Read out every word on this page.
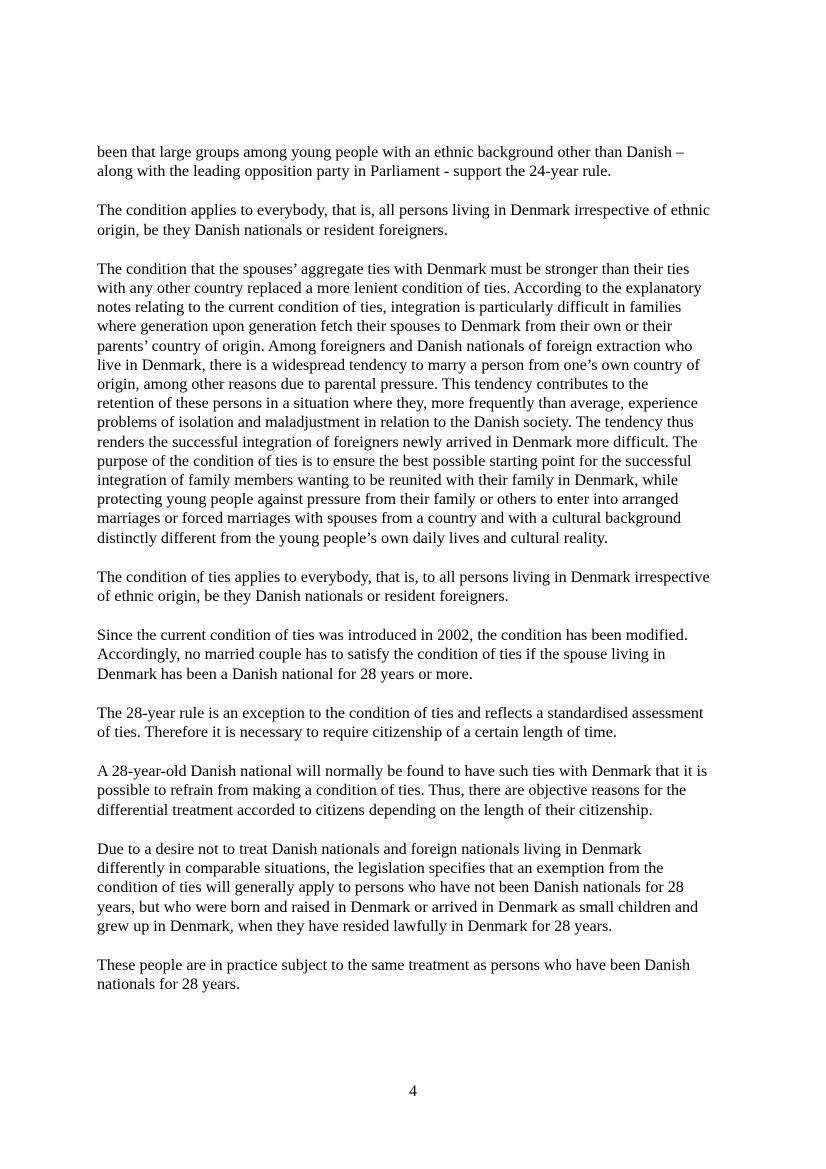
been that large groups among young people with an ethnic background other than Danish –
along with the leading opposition party in Parliament - support the 24-year rule.

The condition applies to everybody, that is, all persons living in Denmark irrespective of ethnic
origin, be they Danish nationals or resident foreigners.

The condition that the spouses’ aggregate ties with Denmark must be stronger than their ties
with any other country replaced a more lenient condition of ties. According to the explanatory
notes relating to the current condition of ties, integration is particularly difficult in families
where generation upon generation fetch their spouses to Denmark from their own or their
parents’ country of origin. Among foreigners and Danish nationals of foreign extraction who
live in Denmark, there is a widespread tendency to marry a person from one’s own country of
origin, among other reasons due to parental pressure. This tendency contributes to the
retention of these persons in a situation where they, more frequently than average, experience
problems of isolation and maladjustment in relation to the Danish society. The tendency thus
renders the successful integration of foreigners newly arrived in Denmark more difficult. The
purpose of the condition of ties is to ensure the best possible starting point for the successful
integration of family members wanting to be reunited with their family in Denmark, while
protecting young people against pressure from their family or others to enter into arranged
marriages or forced marriages with spouses from a country and with a cultural background
distinctly different from the young people’s own daily lives and cultural reality.

The condition of ties applies to everybody, that is, to all persons living in Denmark irrespective
of ethnic origin, be they Danish nationals or resident foreigners.

Since the current condition of ties was introduced in 2002, the condition has been modified.
Accordingly, no married couple has to satisfy the condition of ties if the spouse living in
Denmark has been a Danish national for 28 years or more.

The 28-year rule is an exception to the condition of ties and reflects a standardised assessment
of ties. Therefore it is necessary to require citizenship of a certain length of time.

A 28-year-old Danish national will normally be found to have such ties with Denmark that it is
possible to refrain from making a condition of ties. Thus, there are objective reasons for the
differential treatment accorded to citizens depending on the length of their citizenship.

Due to a desire not to treat Danish nationals and foreign nationals living in Denmark
differently in comparable situations, the legislation specifies that an exemption from the
condition of ties will generally apply to persons who have not been Danish nationals for 28
years, but who were born and raised in Denmark or arrived in Denmark as small children and
grew up in Denmark, when they have resided lawfully in Denmark for 28 years.

These people are in practice subject to the same treatment as persons who have been Danish
nationals for 28 years.

4
